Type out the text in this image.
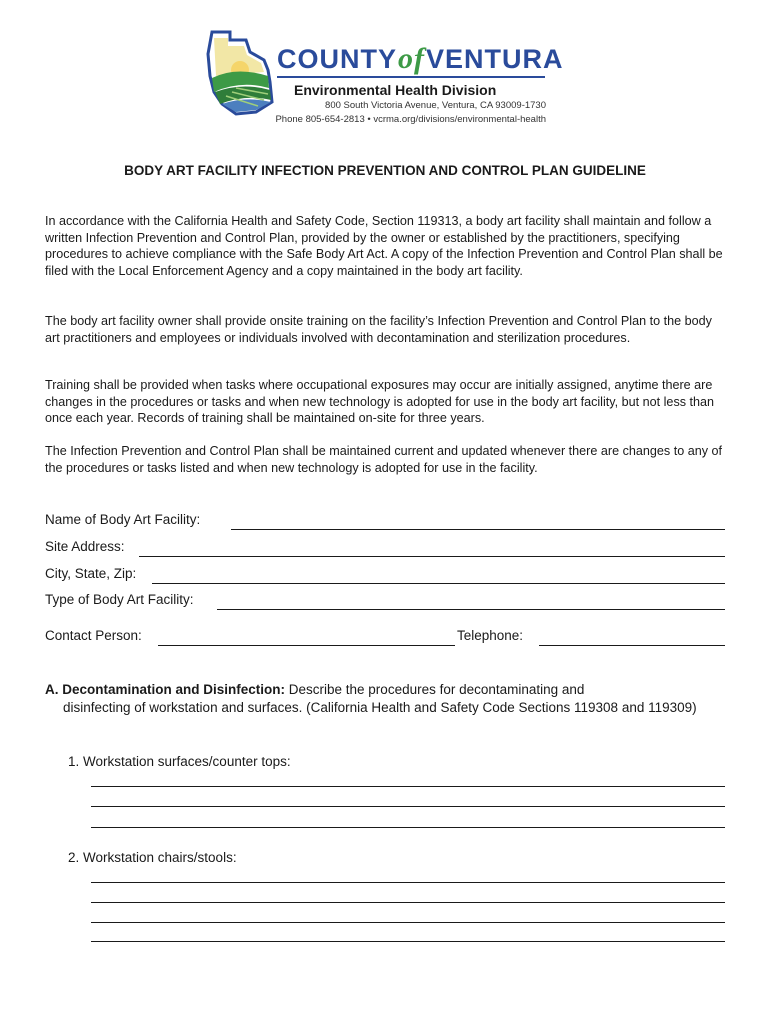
COUNTYofVENTURA
Environmental Health Division
800 South Victoria Avenue, Ventura, CA 93009-1730
Phone 805-654-2813 • vcrma.org/divisions/environmental-health
BODY ART FACILITY INFECTION PREVENTION AND CONTROL PLAN GUIDELINE

In accordance with the California Health and Safety Code, Section 119313, a body art facility shall maintain and follow a written Infection Prevention and Control Plan, provided by the owner or established by the practitioners, specifying procedures to achieve compliance with the Safe Body Art Act. A copy of the Infection Prevention and Control Plan shall be filed with the Local Enforcement Agency and a copy maintained in the body art facility.

The body art facility owner shall provide onsite training on the facility’s Infection Prevention and Control Plan to the body art practitioners and employees or individuals involved with decontamination and sterilization procedures.

Training shall be provided when tasks where occupational exposures may occur are initially assigned, anytime there are changes in the procedures or tasks and when new technology is adopted for use in the body art facility, but not less than once each year. Records of training shall be maintained on-site for three years.

The Infection Prevention and Control Plan shall be maintained current and updated whenever there are changes to any of the procedures or tasks listed and when new technology is adopted for use in the facility.

Name of Body Art Facility:
Site Address:
City, State, Zip:
Type of Body Art Facility:
Contact Person:	Telephone:
A. Decontamination and Disinfection: Describe the procedures for decontaminating and
disinfecting of workstation and surfaces. (California Health and Safety Code Sections 119308 and 119309)
1. Workstation surfaces/counter tops:
2. Workstation chairs/stools:
